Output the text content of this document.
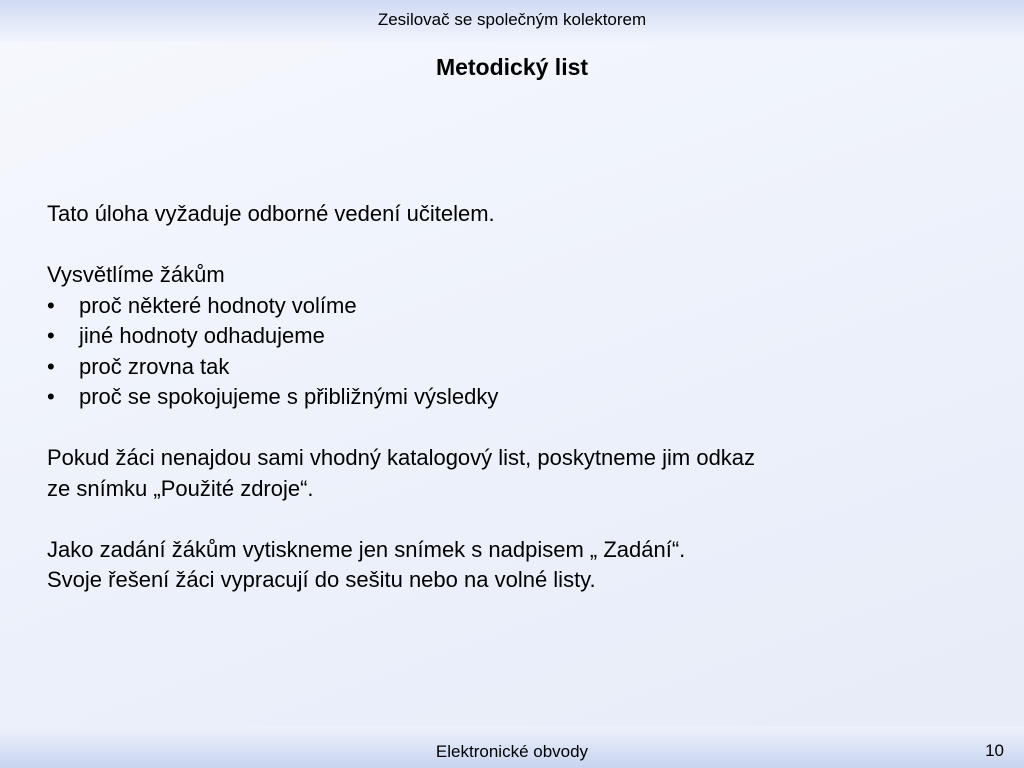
Zesilovač se společným kolektorem
Metodický list
Tato úloha vyžaduje odborné vedení učitelem.
Vysvětlíme žákům
•	proč některé hodnoty volíme
•	jiné hodnoty odhadujeme
•	proč zrovna tak
•	proč se spokojujeme s přibližnými výsledky
Pokud žáci nenajdou sami vhodný katalogový list, poskytneme jim odkaz
ze snímku „Použité zdroje“.
Jako zadání žákům vytiskneme jen snímek s nadpisem „ Zadání“.
Svoje řešení žáci vypracují do sešitu nebo na volné listy.
Elektronické obvody	10
